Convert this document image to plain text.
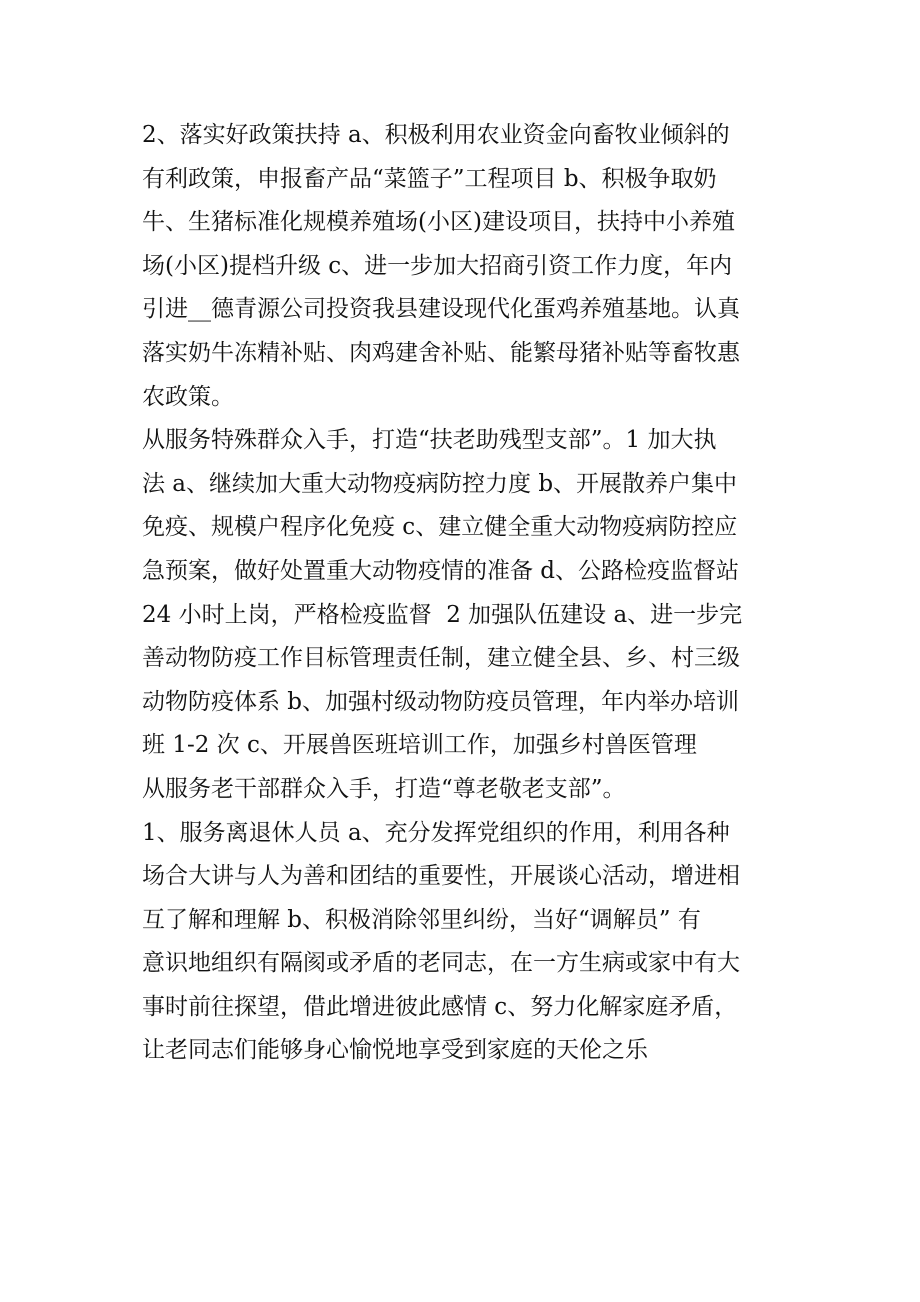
2、落实好政策扶持 a、积极利用农业资金向畜牧业倾斜的
有利政策，申报畜产品“菜篮子”工程项目 b、积极争取奶
牛、生猪标准化规模养殖场(小区)建设项目，扶持中小养殖
场(小区)提档升级 c、进一步加大招商引资工作力度，年内
引进__德青源公司投资我县建设现代化蛋鸡养殖基地。认真
落实奶牛冻精补贴、肉鸡建舍补贴、能繁母猪补贴等畜牧惠
农政策。
从服务特殊群众入手，打造“扶老助残型支部”。1 加大执
法 a、继续加大重大动物疫病防控力度 b、开展散养户集中
免疫、规模户程序化免疫 c、建立健全重大动物疫病防控应
急预案，做好处置重大动物疫情的准备 d、公路检疫监督站
24 小时上岗，严格检疫监督  2 加强队伍建设 a、进一步完
善动物防疫工作目标管理责任制，建立健全县、乡、村三级
动物防疫体系 b、加强村级动物防疫员管理，年内举办培训
班 1-2 次 c、开展兽医班培训工作，加强乡村兽医管理
从服务老干部群众入手，打造“尊老敬老支部”。
1、服务离退休人员 a、充分发挥党组织的作用，利用各种
场合大讲与人为善和团结的重要性，开展谈心活动，增进相
互了解和理解 b、积极消除邻里纠纷，当好“调解员” 有
意识地组织有隔阂或矛盾的老同志，在一方生病或家中有大
事时前往探望，借此增进彼此感情 c、努力化解家庭矛盾，
让老同志们能够身心愉悦地享受到家庭的天伦之乐
